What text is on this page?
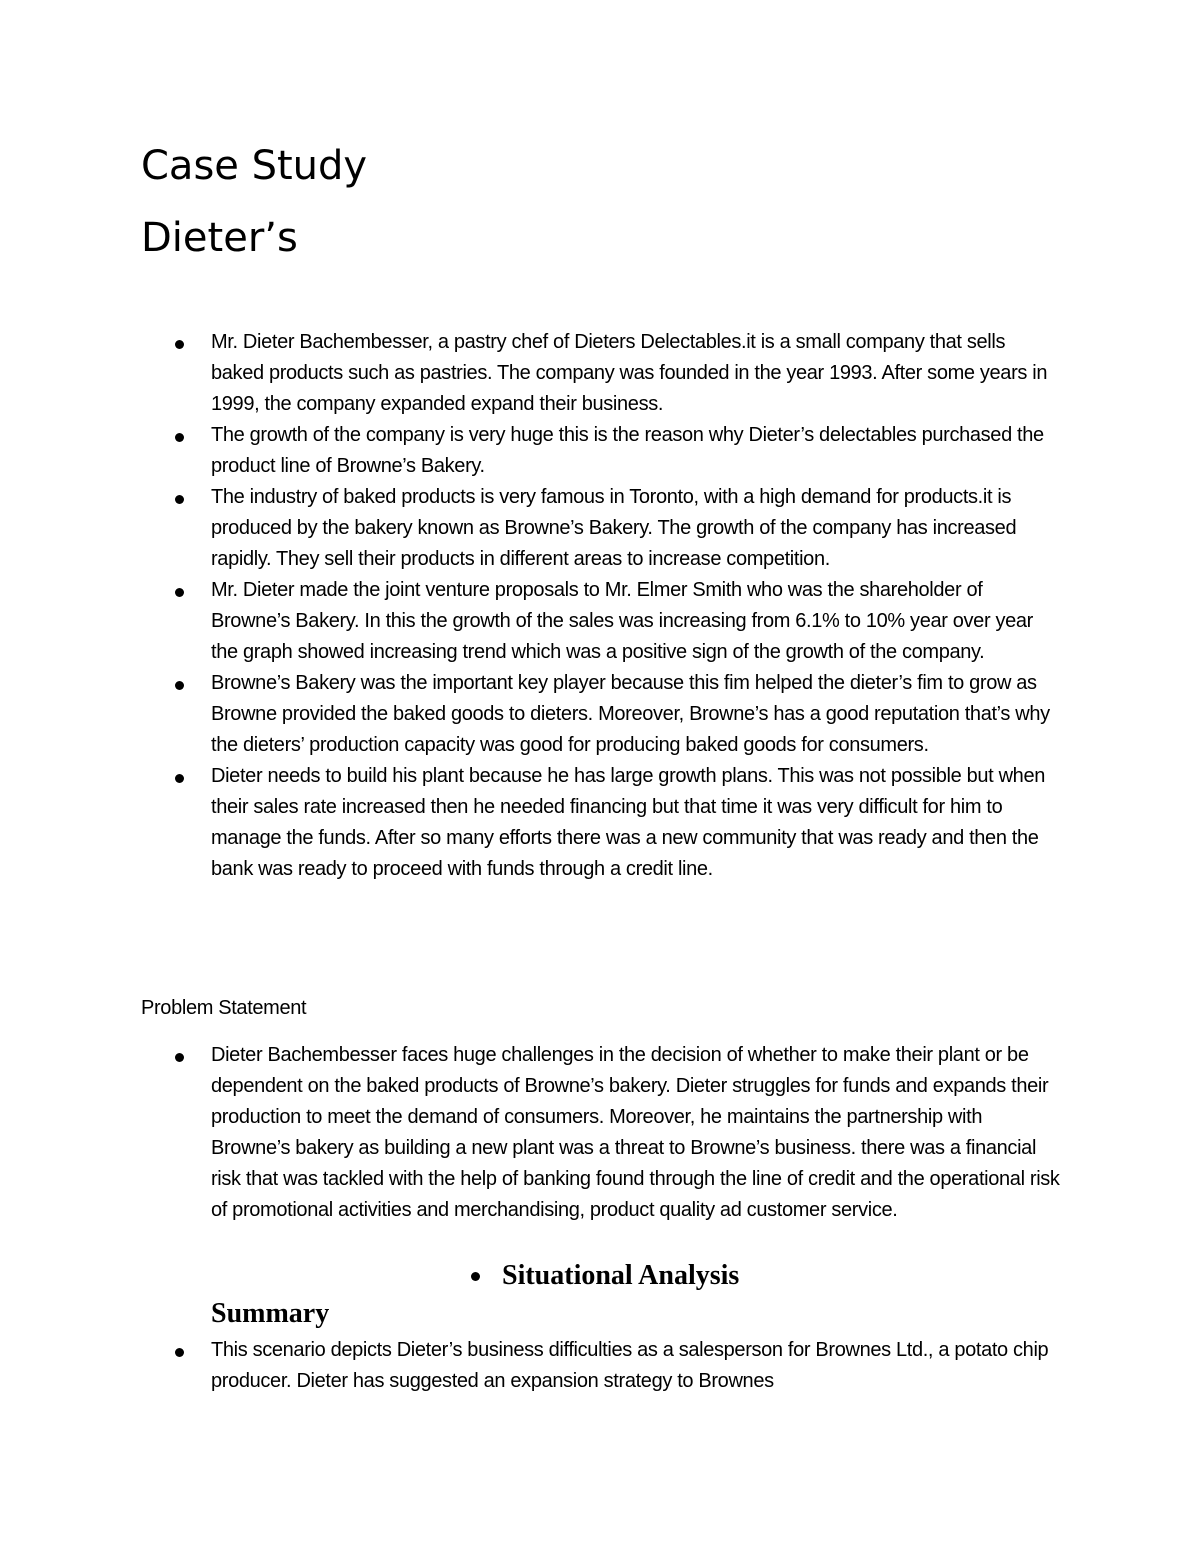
Case Study
Dieter’s
Mr. Dieter Bachembesser, a pastry chef of Dieters Delectables.it is a small company that sells baked products such as pastries. The company was founded in the year 1993. After some years in 1999, the company expanded expand their business.
The growth of the company is very huge this is the reason why Dieter’s delectables purchased the product line of Browne’s Bakery.
The industry of baked products is very famous in Toronto, with a high demand for products.it is produced by the bakery known as Browne’s Bakery. The growth of the company has increased rapidly. They sell their products in different areas to increase competition.
Mr. Dieter made the joint venture proposals to Mr. Elmer Smith who was the shareholder of Browne’s Bakery. In this the growth of the sales was increasing from 6.1% to 10% year over year the graph showed increasing trend which was a positive sign of the growth of the company.
Browne’s Bakery was the important key player because this fim helped the dieter’s fim to grow as Browne provided the baked goods to dieters. Moreover, Browne’s has a good reputation that’s why the dieters’ production capacity was good for producing baked goods for consumers.
Dieter needs to build his plant because he has large growth plans. This was not possible but when their sales rate increased then he needed financing but that time it was very difficult for him to manage the funds. After so many efforts there was a new community that was ready and then the bank was ready to proceed with funds through a credit line.

Problem Statement

Dieter Bachembesser faces huge challenges in the decision of whether to make their plant or be dependent on the baked products of Browne’s bakery. Dieter struggles for funds and expands their production to meet the demand of consumers. Moreover, he maintains the partnership with Browne’s bakery as building a new plant was a threat to Browne’s business. there was a financial risk that was tackled with the help of banking found through the line of credit and the operational risk of promotional activities and merchandising, product quality ad customer service.
Situational Analysis
Summary
This scenario depicts Dieter’s business difficulties as a salesperson for Brownes Ltd., a potato chip producer. Dieter has suggested an expansion strategy to Brownes
